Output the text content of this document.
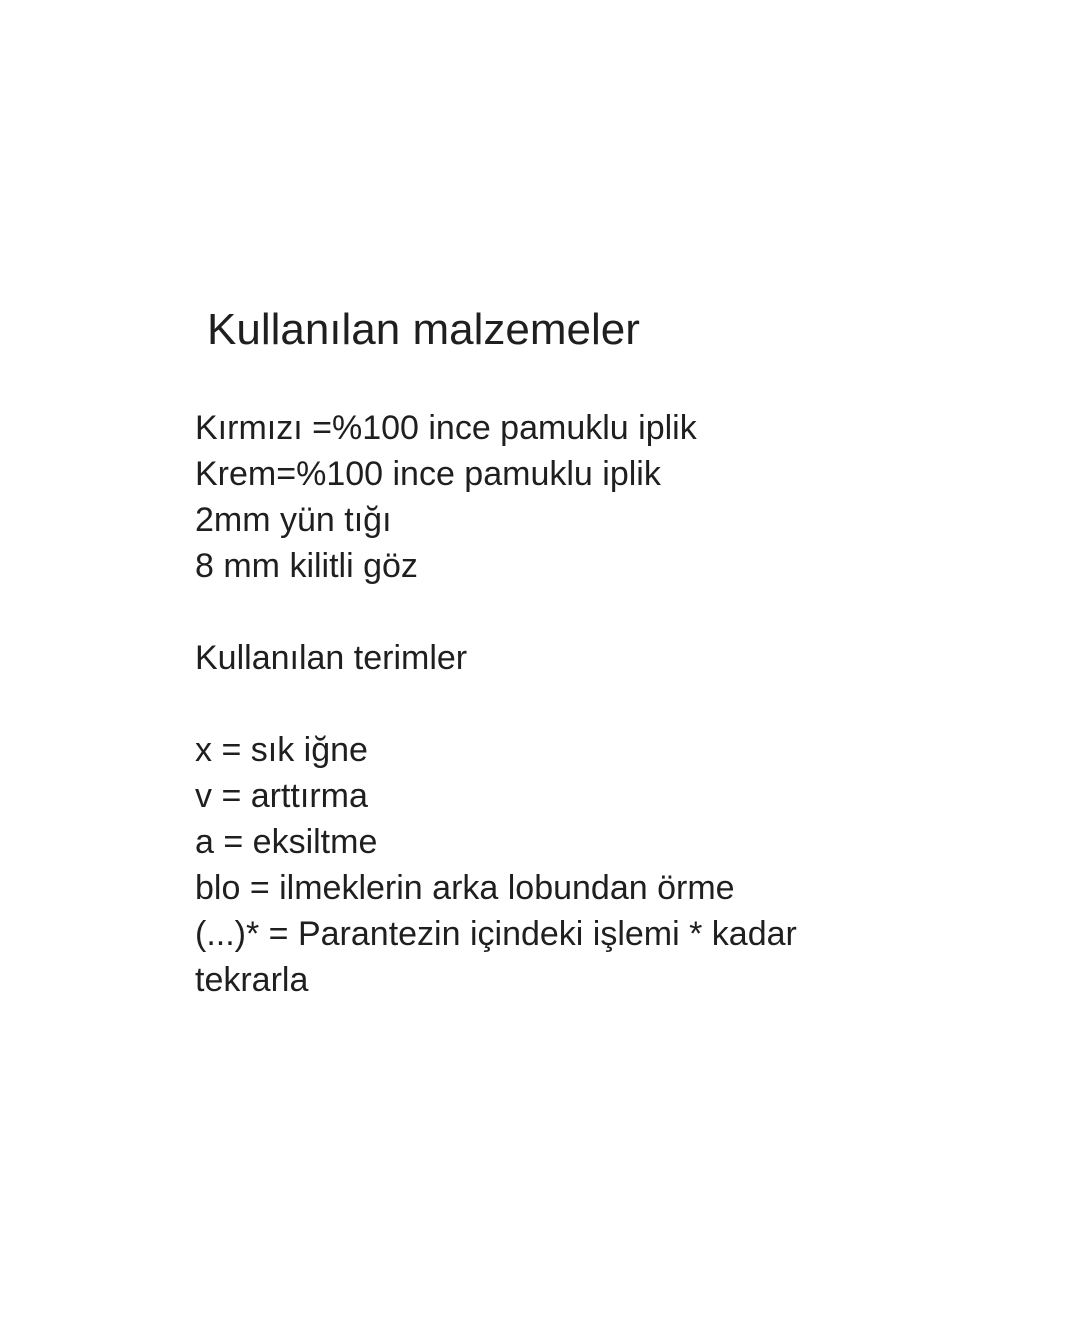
Kullanılan malzemeler
Kırmızı =%100 ince pamuklu iplik
Krem=%100 ince pamuklu iplik
2mm yün tığı
8 mm kilitli göz
Kullanılan terimler
x = sık iğne
v = arttırma
a = eksiltme
blo = ilmeklerin arka lobundan örme
(...)* = Parantezin içindeki işlemi * kadar
tekrarla
